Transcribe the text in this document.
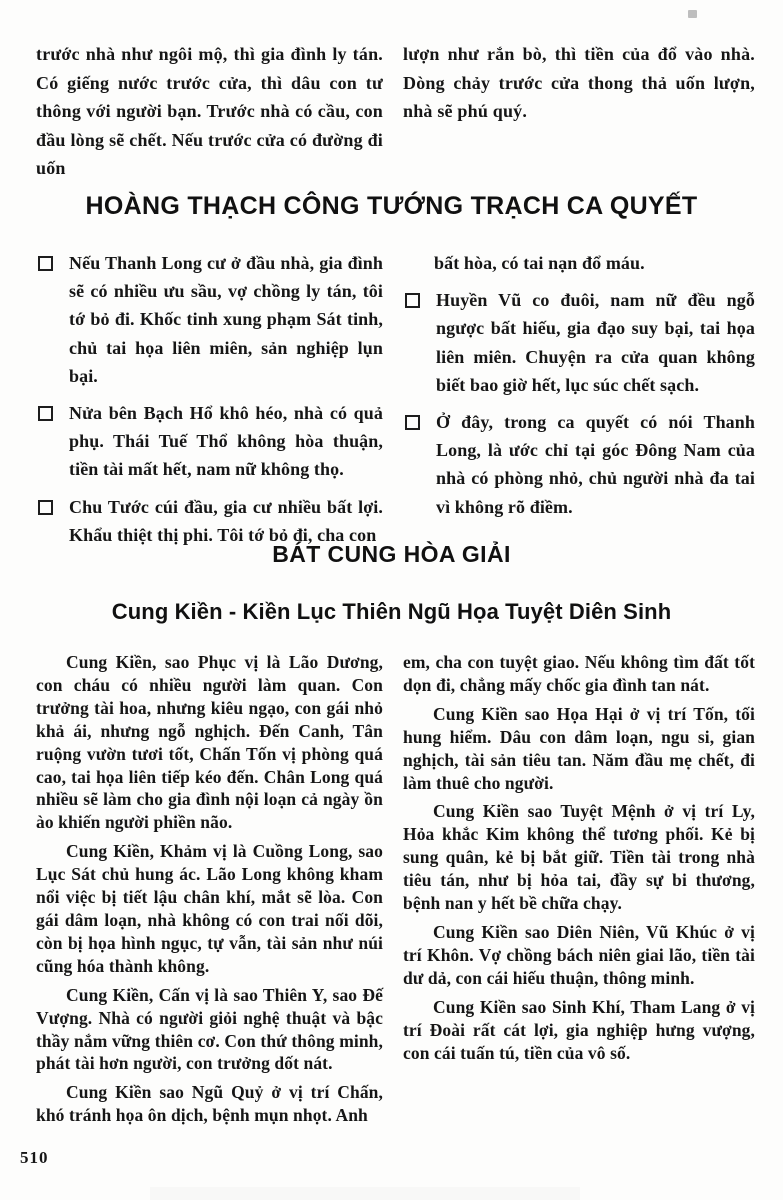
trước nhà như ngôi mộ, thì gia đình ly tán. Có giếng nước trước cửa, thì dâu con tư thông với người bạn. Trước nhà có cầu, con đầu lòng sẽ chết. Nếu trước cửa có đường đi uốn

lượn như rắn bò, thì tiền của đổ vào nhà. Dòng chảy trước cửa thong thả uốn lượn, nhà sẽ phú quý.

HOÀNG THẠCH CÔNG TƯỚNG TRẠCH CA QUYẾT

Nếu Thanh Long cư ở đầu nhà, gia đình sẽ có nhiều ưu sầu, vợ chồng ly tán, tôi tớ bỏ đi. Khốc tinh xung phạm Sát tinh, chủ tai họa liên miên, sản nghiệp lụn bại.

Nửa bên Bạch Hổ khô héo, nhà có quả phụ. Thái Tuế Thổ không hòa thuận, tiền tài mất hết, nam nữ không thọ.

Chu Tước cúi đầu, gia cư nhiều bất lợi. Khẩu thiệt thị phi. Tôi tớ bỏ đi, cha con

bất hòa, có tai nạn đổ máu.

Huyền Vũ co đuôi, nam nữ đều ngỗ ngược bất hiếu, gia đạo suy bại, tai họa liên miên. Chuyện ra cửa quan không biết bao giờ hết, lục súc chết sạch.

Ở đây, trong ca quyết có nói Thanh Long, là ước chỉ tại góc Đông Nam của nhà có phòng nhỏ, chủ người nhà đa tai vì không rõ điềm.

BÁT CUNG HÒA GIẢI
Cung Kiền - Kiền Lục Thiên Ngũ Họa Tuyệt Diên Sinh

Cung Kiền, sao Phục vị là Lão Dương, con cháu có nhiều người làm quan. Con trưởng tài hoa, nhưng kiêu ngạo, con gái nhỏ khả ái, nhưng ngỗ nghịch. Đến Canh, Tân ruộng vườn tươi tốt, Chấn Tốn vị phòng quá cao, tai họa liên tiếp kéo đến. Chân Long quá nhiều sẽ làm cho gia đình nội loạn cả ngày ồn ào khiến người phiền não.

Cung Kiền, Khảm vị là Cuồng Long, sao Lục Sát chủ hung ác. Lão Long không kham nổi việc bị tiết lậu chân khí, mắt sẽ lòa. Con gái dâm loạn, nhà không có con trai nối dõi, còn bị họa hình ngục, tự vẫn, tài sản như núi cũng hóa thành không.

Cung Kiền, Cấn vị là sao Thiên Y, sao Đế Vượng. Nhà có người giỏi nghệ thuật và bậc thầy nắm vững thiên cơ. Con thứ thông minh, phát tài hơn người, con trưởng dốt nát.

Cung Kiền sao Ngũ Quỷ ở vị trí Chấn, khó tránh họa ôn dịch, bệnh mụn nhọt. Anh

em, cha con tuyệt giao. Nếu không tìm đất tốt dọn đi, chẳng mấy chốc gia đình tan nát.

Cung Kiền sao Họa Hại ở vị trí Tốn, tối hung hiểm. Dâu con dâm loạn, ngu si, gian nghịch, tài sản tiêu tan. Năm đầu mẹ chết, đi làm thuê cho người.

Cung Kiền sao Tuyệt Mệnh ở vị trí Ly, Hỏa khắc Kim không thể tương phối. Kẻ bị sung quân, kẻ bị bắt giữ. Tiền tài trong nhà tiêu tán, như bị hỏa tai, đầy sự bi thương, bệnh nan y hết bề chữa chạy.

Cung Kiền sao Diên Niên, Vũ Khúc ở vị trí Khôn. Vợ chồng bách niên giai lão, tiền tài dư dả, con cái hiếu thuận, thông minh.

Cung Kiền sao Sinh Khí, Tham Lang ở vị trí Đoài rất cát lợi, gia nghiệp hưng vượng, con cái tuấn tú, tiền của vô số.

510
